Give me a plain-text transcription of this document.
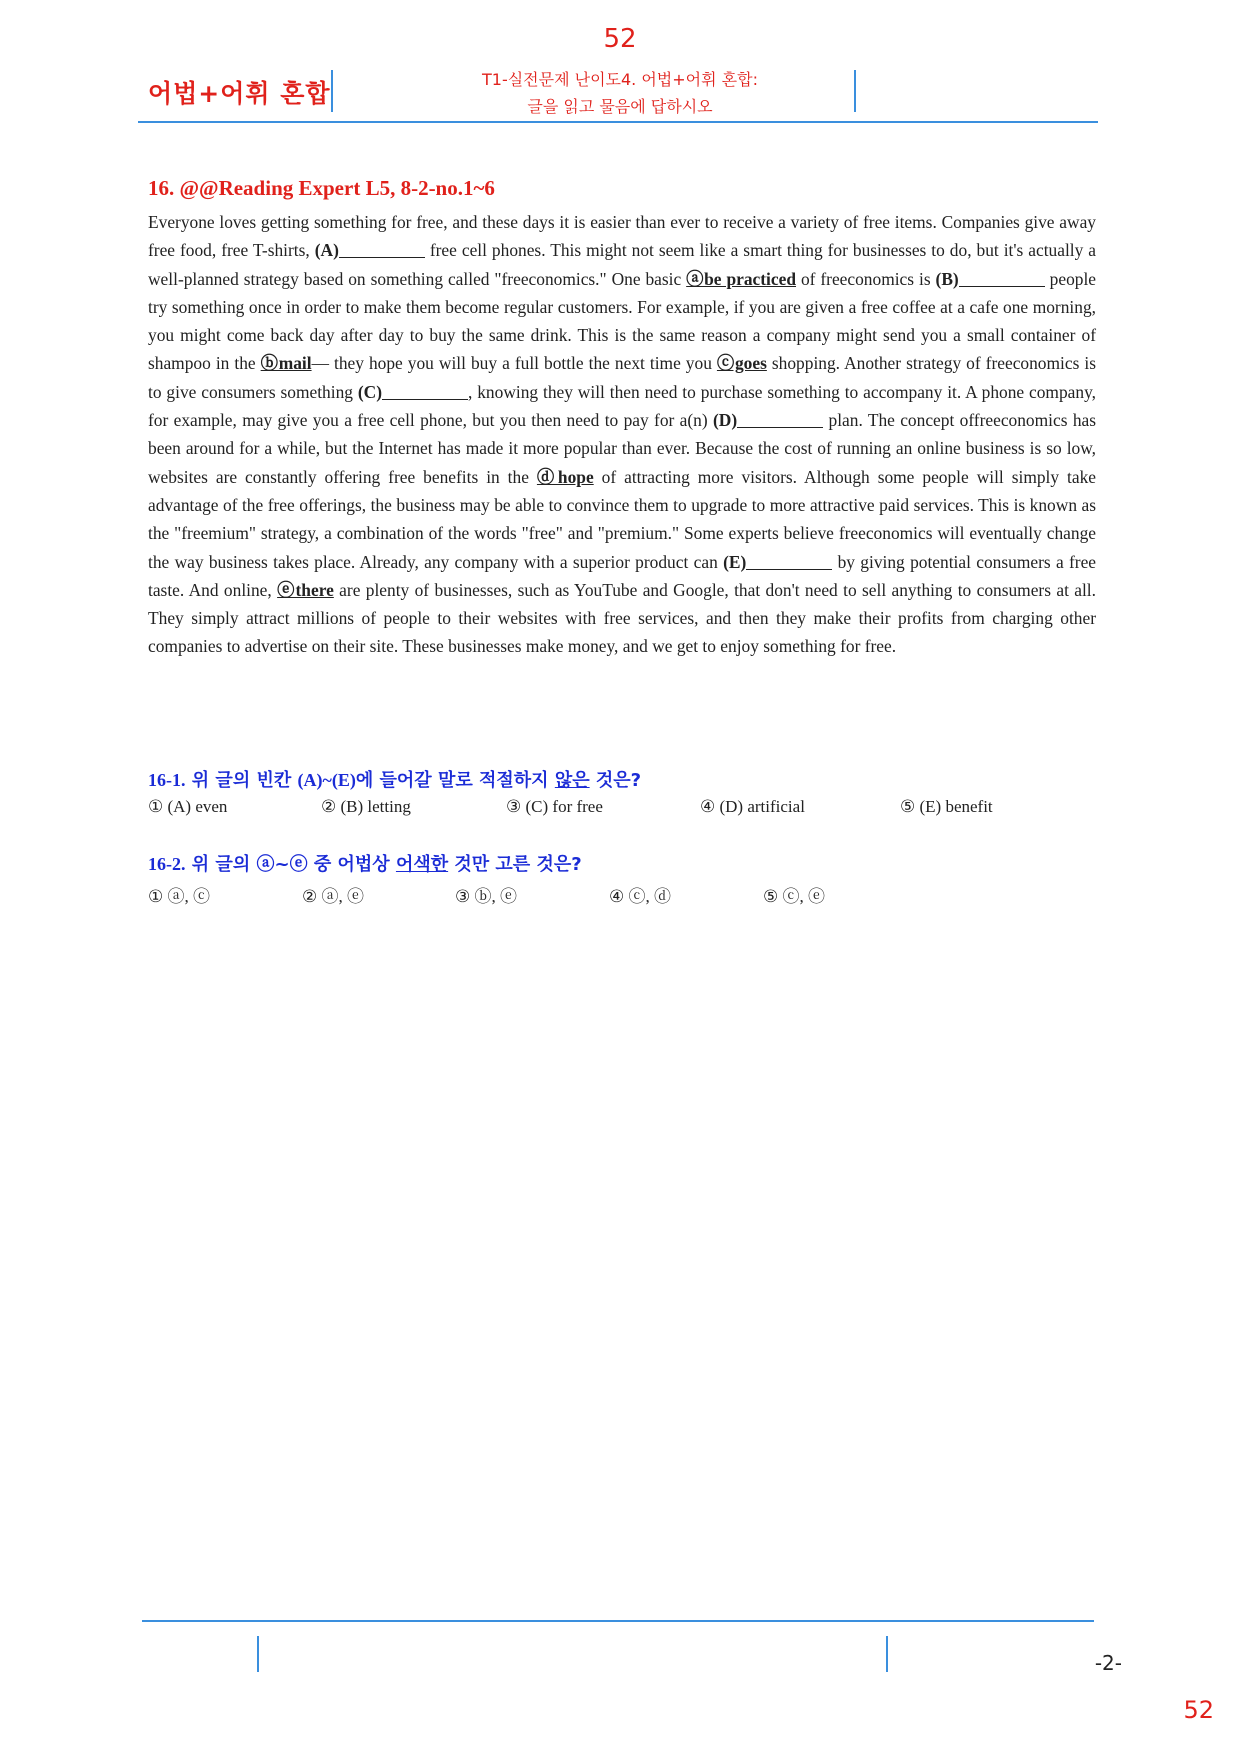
52
어법+어휘 혼합	T1-실전문제 난이도4. 어법+어휘 혼합:
글을 읽고 물음에 답하시오
16. @@Reading Expert L5, 8-2-no.1~6
Everyone loves getting something for free, and these days it is easier than ever to receive a variety of free items. Companies give away free food, free T-shirts, (A)	free cell phones. This might not seem like a smart thing for businesses to do, but it's actually a well-planned strategy based on something called "freeconomics." One basic ⓐbe practiced of freeconomics is (B)	people try something once in order to make them become regular customers. For example, if you are given a free coffee at a cafe one morning, you might come back day after day to buy the same drink. This is the same reason a company might send you a small container of shampoo in the ⓑmail— they hope you will buy a full bottle the next time you ⓒgoes shopping. Another strategy of freeconomics is to give consumers something (C)	, knowing they will then need to purchase something to accompany it. A phone company, for example, may give you a free cell phone, but you then need to pay for a(n) (D)	plan. The concept offreeconomics has been around for a while, but the Internet has made it more popular than ever. Because the cost of running an online business is so low, websites are constantly offering free benefits in the ⓓhope of attracting more visitors. Although some people will simply take advantage of the free offerings, the business may be able to convince them to upgrade to more attractive paid services. This is known as the "freemium" strategy, a combination of the words "free" and "premium." Some experts believe freeconomics will eventually change the way business takes place. Already, any company with a superior product can (E)	by giving potential consumers a free taste. And online, ⓔthere are plenty of businesses, such as YouTube and Google, that don't need to sell anything to consumers at all. They simply attract millions of people to their websites with free services, and then they make their profits from charging other companies to advertise on their site. These businesses make money, and we get to enjoy something for free.
16-1. 위 글의 빈칸 (A)~(E)에 들어갈 말로 적절하지 않은 것은?
① (A) even	② (B) letting	③ (C) for free	④ (D) artificial	⑤ (E) benefit
16-2. 위 글의 ⓐ~ⓔ 중 어법상 어색한 것만 고른 것은?
① ⓐ, ⓒ	② ⓐ, ⓔ	③ ⓑ, ⓔ	④ ⓒ, ⓓ	⑤ ⓒ, ⓔ
-2-
52
